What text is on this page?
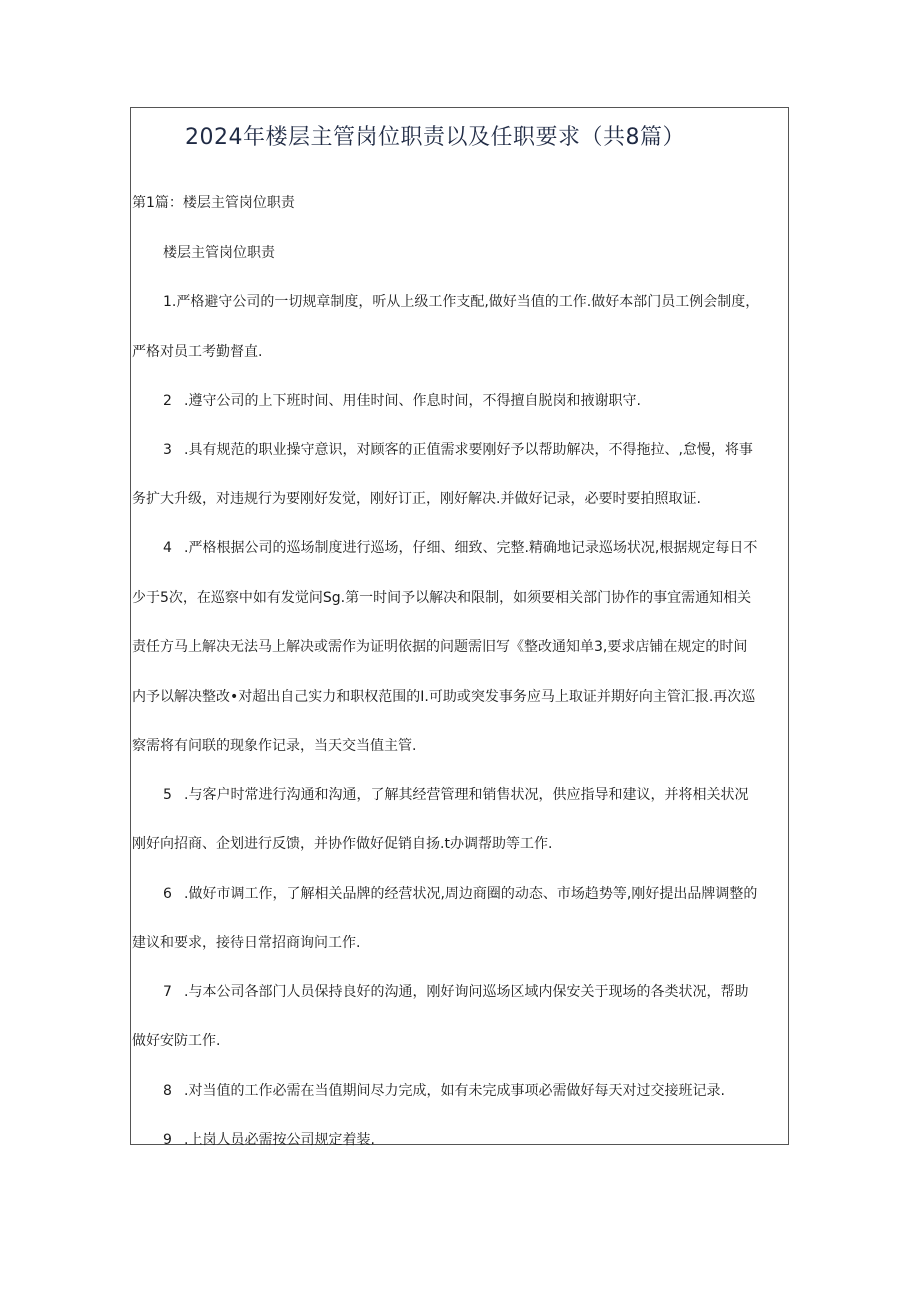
2024年楼层主管岗位职责以及任职要求（共8篇）
第1篇：楼层主管岗位职责
楼层主管岗位职责
1.严格避守公司的一切规章制度，听从上级工作支配,做好当值的工作.做好本部门员工例会制度，
严格对员工考勤督直.
2 .遵守公司的上下班时间、用佳时间、作息时间，不得擅自脱岗和掖谢职守.
3 .具有规范的职业操守意识，对顾客的正值需求要刚好予以帮助解决，不得拖拉、,怠慢，将事
务扩大升级，对违规行为要刚好发觉，刚好订正，刚好解决.并做好记录，必要时要拍照取证.
4 .严格根据公司的巡场制度进行巡场，仔细、细致、完整.精确地记录巡场状况,根据规定每日不
少于5次，在巡察中如有发觉问Sg.第一时间予以解决和限制，如须要相关部门协作的事宜需通知相关
责任方马上解决无法马上解决或需作为证明依据的问题需旧写《整改通知单3,要求店铺在规定的时间
内予以解决整改•对超出自己实力和职权范围的I.可助或突发事务应马上取证并期好向主管汇报.再次巡
察需将有问联的现象作记录，当天交当值主管.
5 .与客户时常进行沟通和沟通，了解其经营管理和销售状况，供应指导和建议，并将相关状况
刚好向招商、企划进行反馈，并协作做好促销自扬.t办调帮助等工作.
6 .做好市调工作，了解相关品牌的经营状况,周边商圈的动态、市场趋势等,刚好提出品牌调整的
建议和要求，接待日常招商询问工作.
7 .与本公司各部门人员保持良好的沟通，刚好询问巡场区域内保安关于现场的各类状况，帮助
做好安防工作.
8 .对当值的工作必需在当值期间尽力完成，如有未完成事项必需做好每天对过交接班记录.
9 .上岗人员必需按公司规定着装.
